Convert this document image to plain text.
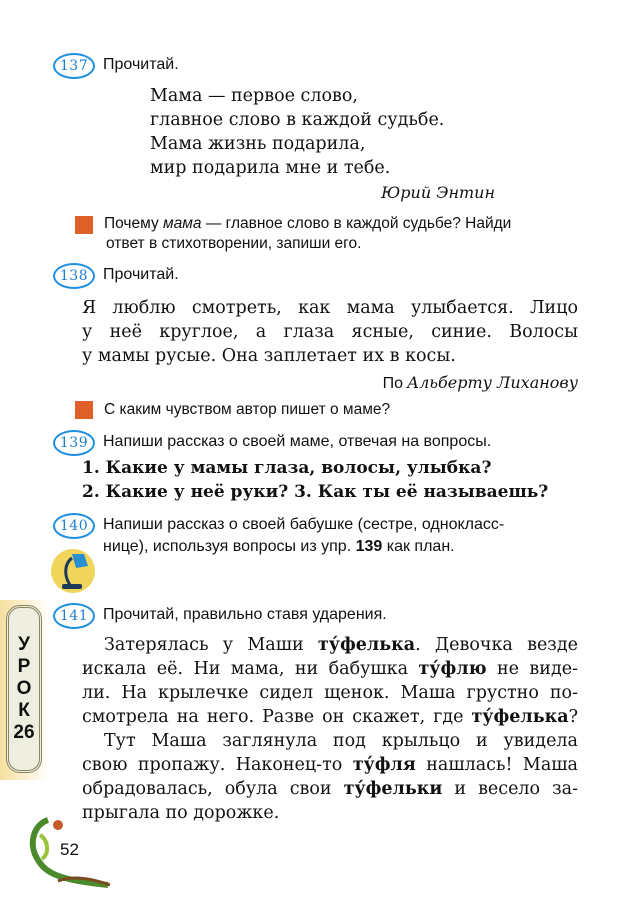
137 Прочитай.
Мама — первое слово,
главное слово в каждой судьбе.
Мама жизнь подарила,
мир подарила мне и тебе.
Юрий Энтин
Почему мама — главное слово в каждой судьбе? Найди
ответ в стихотворении, запиши его.
138 Прочитай.
Я люблю смотреть, как мама улыбается. Лицо
у неё круглое, а глаза ясные, синие. Волосы
у мамы русые. Она заплетает их в косы.
По Альберту Лиханову
С каким чувством автор пишет о маме?
139 Напиши рассказ о своей маме, отвечая на вопросы.
1. Какие у мамы глаза, волосы, улыбка?
2. Какие у неё руки? 3. Как ты её называешь?
140 Напиши рассказ о своей бабушке (сестре, однокласс-
нице), используя вопросы из упр. 139 как план.
У
Р
О
К
26
141 Прочитай, правильно ставя ударения.
Затерялась у Маши ту́фелька. Девочка везде
искала её. Ни мама, ни бабушка ту́флю не виде-
ли. На крылечке сидел щенок. Маша грустно по-
смотрела на него. Разве он скажет, где ту́фелька?
Тут Маша заглянула под крыльцо и увидела
свою пропажу. Наконец-то ту́фля нашлась! Маша
обрадовалась, обула свои ту́фельки и весело за-
прыгала по дорожке.
52
